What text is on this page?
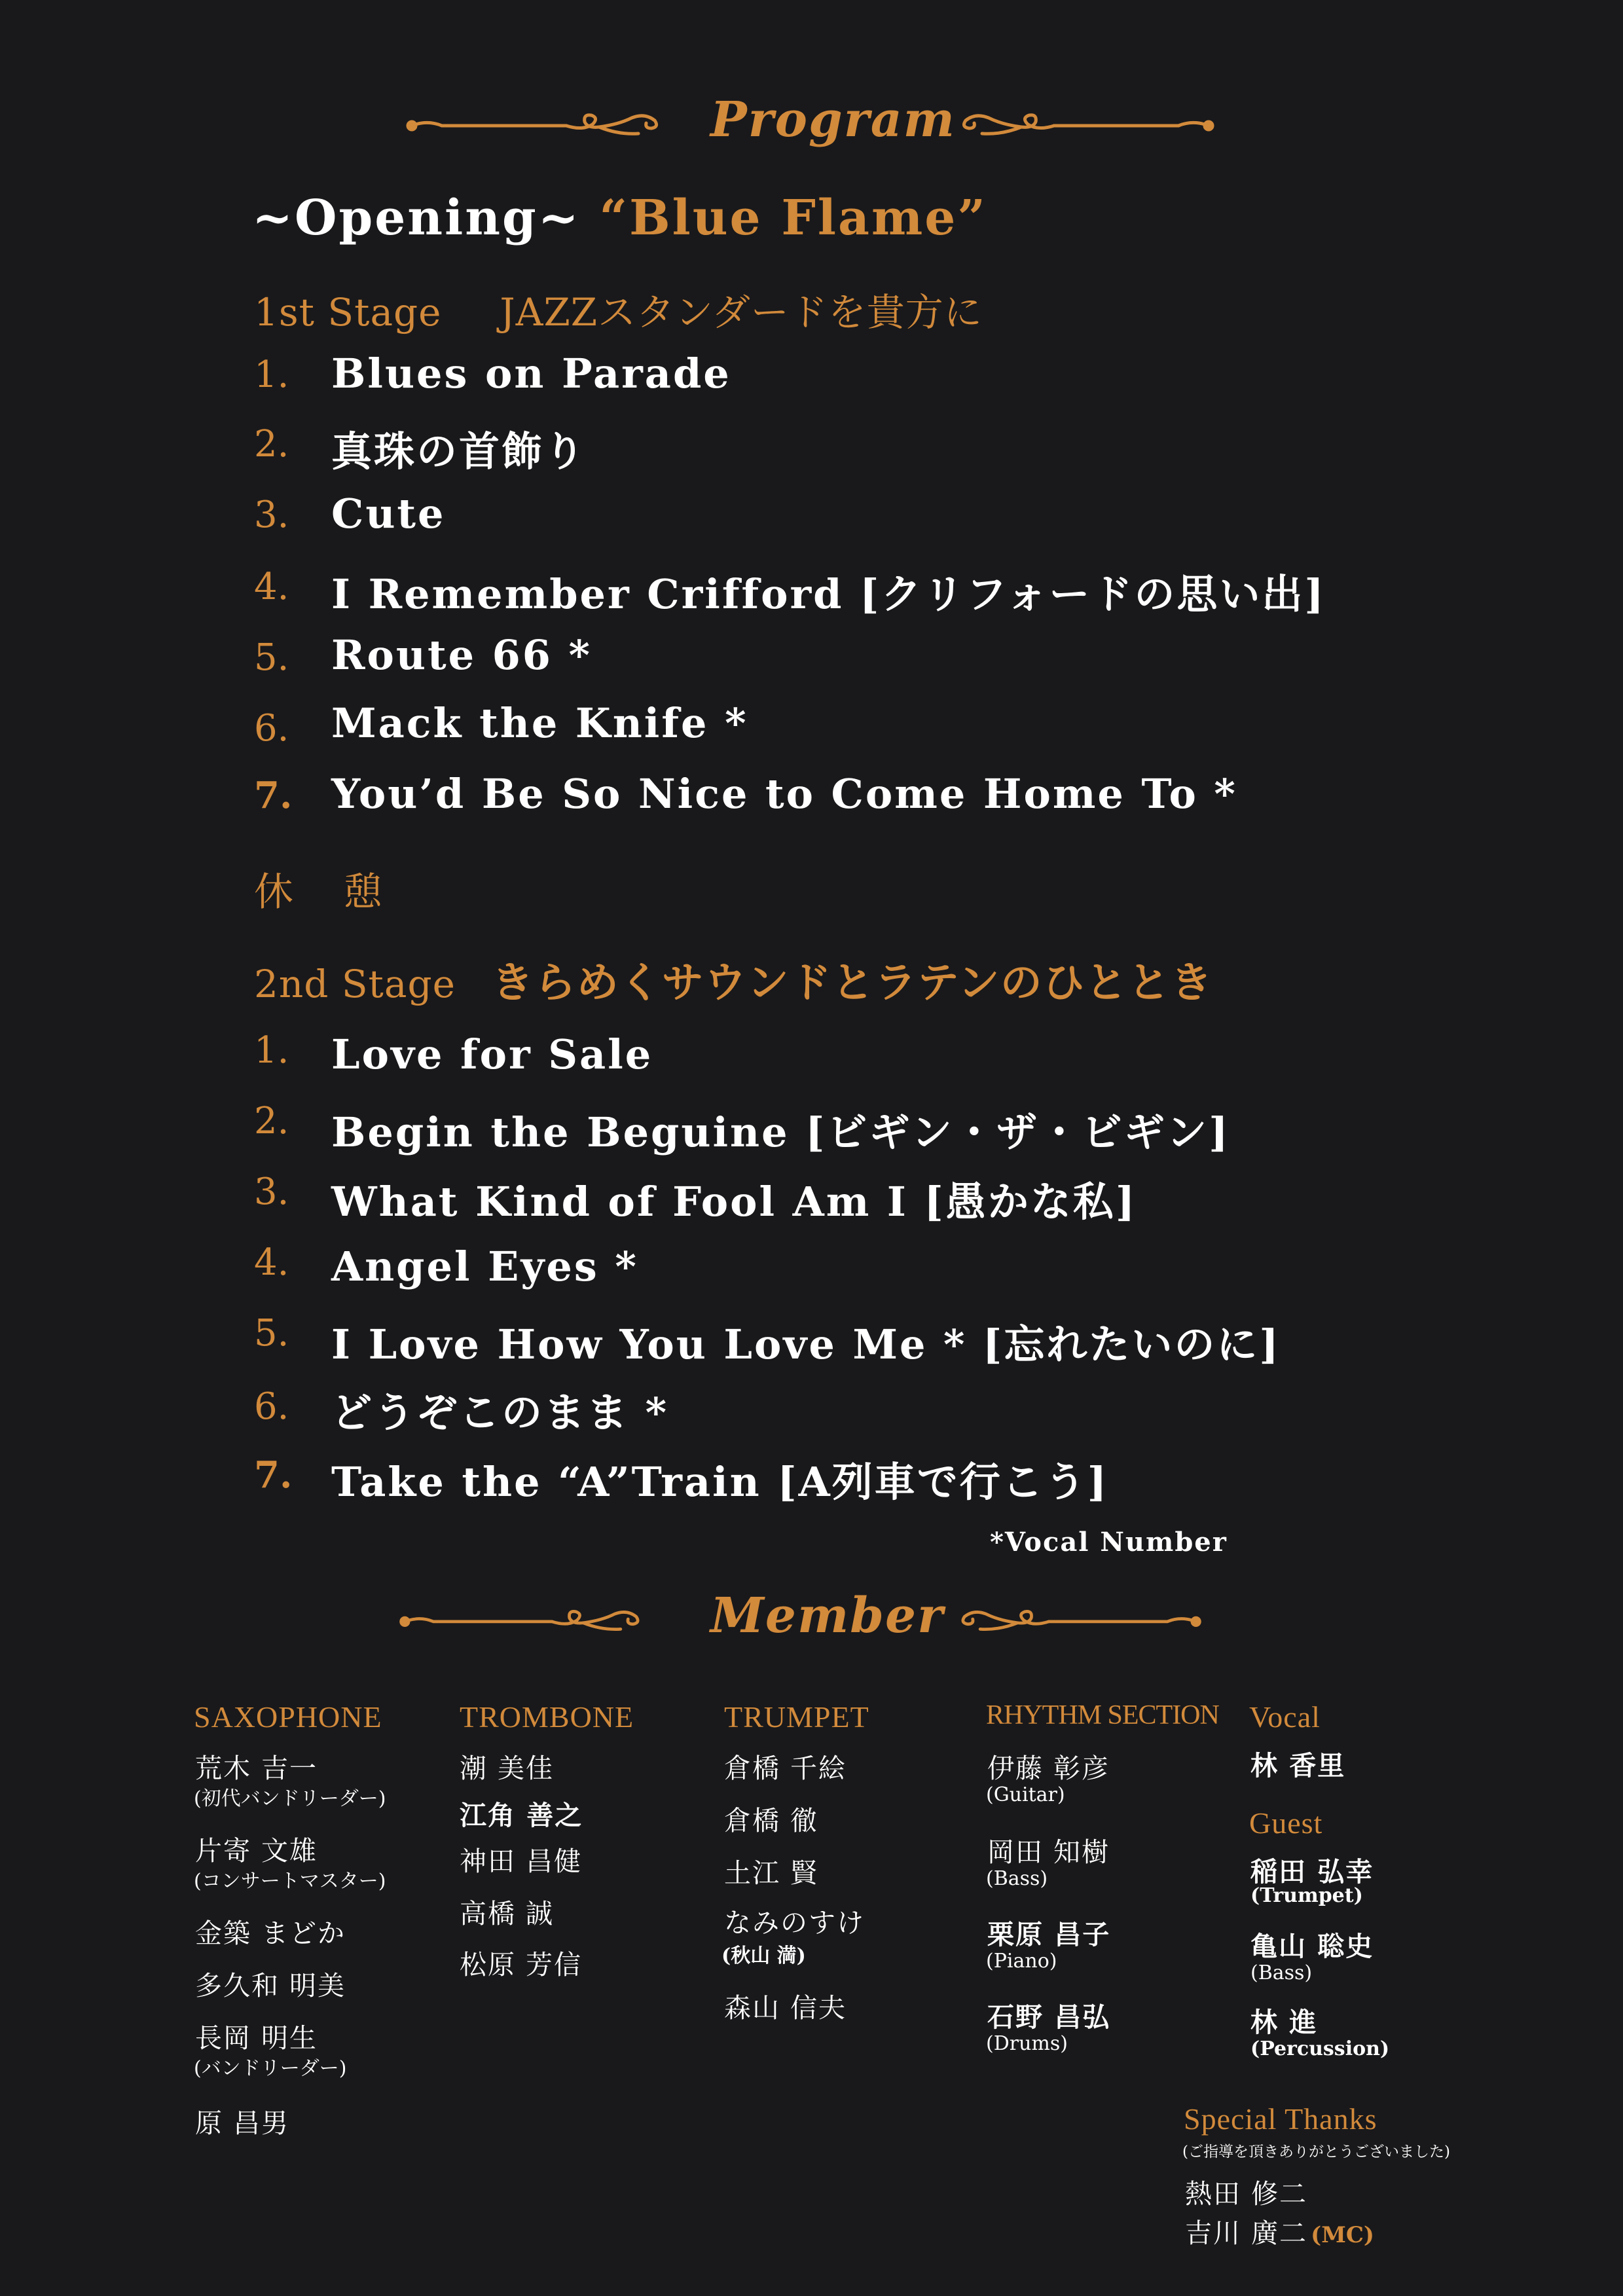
Program
~Opening~ “Blue Flame”
1st Stage JAZZスタンダードを貴方に
1. Blues on Parade
2. 真珠の首飾り
3. Cute
4. I Remember Crifford [クリフォードの思い出]
5. Route 66 *
6. Mack the Knife *
7. You’d Be So Nice to Come Home To *
休　憩
2nd Stage きらめくサウンドとラテンのひととき
1. Love for Sale
2. Begin the Beguine [ビギン・ザ・ビギン]
3. What Kind of Fool Am I [愚かな私]
4. Angel Eyes *
5. I Love How You Love Me * [忘れたいのに]
6. どうぞこのまま *
7. Take the “A”Train [A列車で行こう]
*Vocal Number
Member
SAXOPHONE
荒木 吉一
(初代バンドリーダー)
片寄 文雄
(コンサートマスター)
金築 まどか
多久和 明美
長岡 明生
(バンドリーダー)
原 昌男
TROMBONE
潮 美佳
江角 善之
神田 昌健
高橋 誠
松原 芳信
TRUMPET
倉橋 千絵
倉橋 徹
土江 賢
なみのすけ
(秋山 満)
森山 信夫
RHYTHM SECTION
伊藤 彰彦
(Guitar)
岡田 知樹
(Bass)
栗原 昌子
(Piano)
石野 昌弘
(Drums)
Vocal
林 香里
Guest
稲田 弘幸
(Trumpet)
亀山 聡史
(Bass)
林 進
(Percussion)
Special Thanks
(ご指導を頂きありがとうございました)
熱田 修二
吉川 廣二 (MC)
